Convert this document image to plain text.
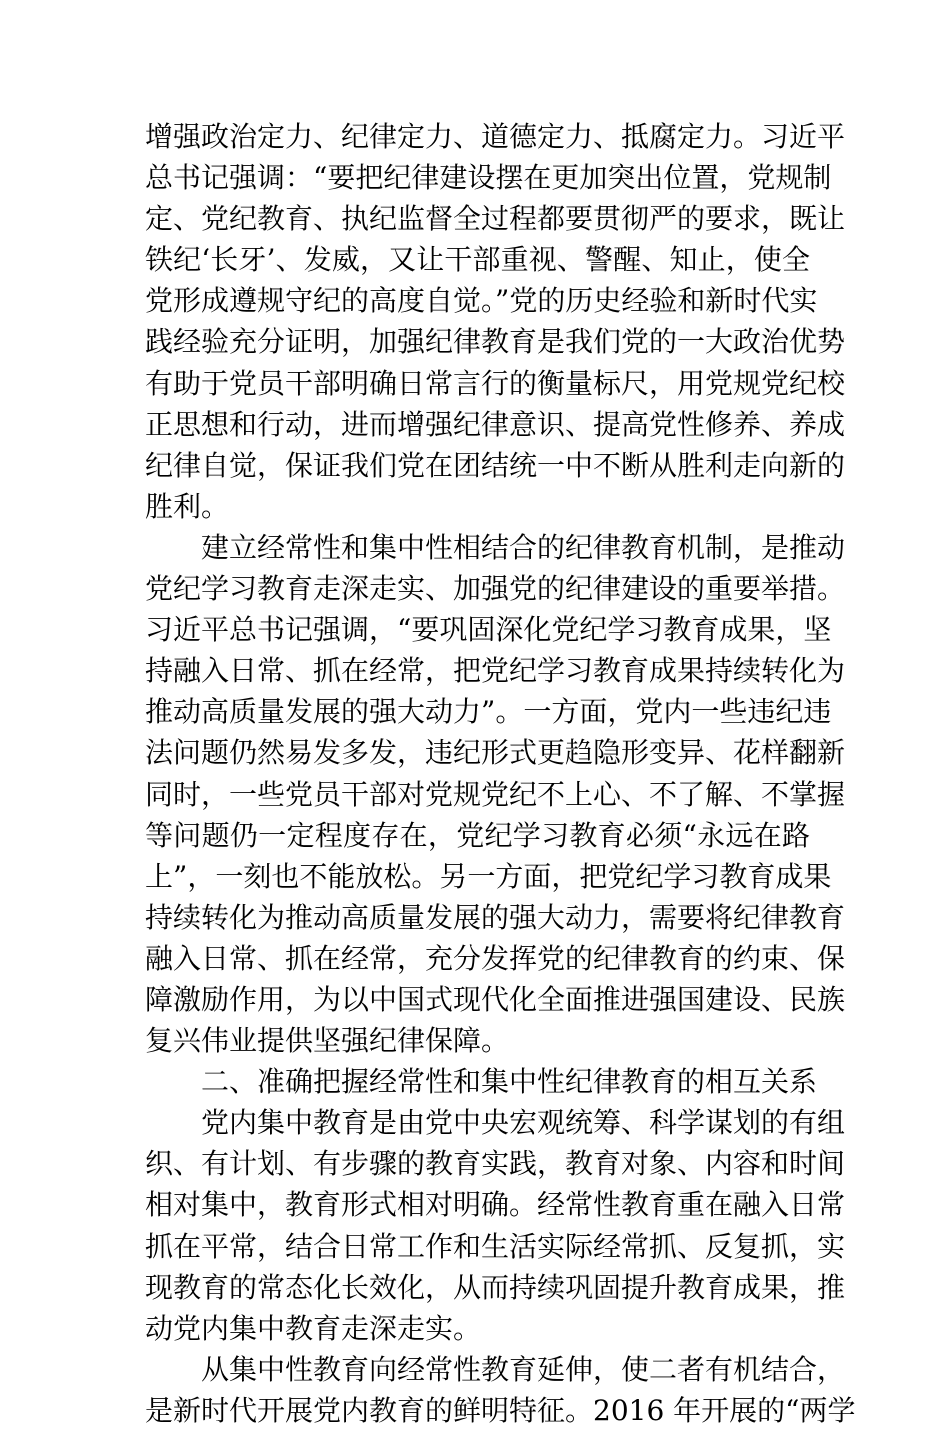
增强政治定力、纪律定力、道德定力、抵腐定力。习近平
总书记强调：“要把纪律建设摆在更加突出位置，党规制
定、党纪教育、执纪监督全过程都要贯彻严的要求，既让
铁纪‘长牙’、发威，又让干部重视、警醒、知止，使全
党形成遵规守纪的高度自觉。”党的历史经验和新时代实
践经验充分证明，加强纪律教育是我们党的一大政治优势
有助于党员干部明确日常言行的衡量标尺，用党规党纪校
正思想和行动，进而增强纪律意识、提高党性修养、养成
纪律自觉，保证我们党在团结统一中不断从胜利走向新的
胜利。
建立经常性和集中性相结合的纪律教育机制，是推动
党纪学习教育走深走实、加强党的纪律建设的重要举措。
习近平总书记强调，“要巩固深化党纪学习教育成果，坚
持融入日常、抓在经常，把党纪学习教育成果持续转化为
推动高质量发展的强大动力”。一方面，党内一些违纪违
法问题仍然易发多发，违纪形式更趋隐形变异、花样翻新
同时，一些党员干部对党规党纪不上心、不了解、不掌握
等问题仍一定程度存在，党纪学习教育必须“永远在路
上”，一刻也不能放松。另一方面，把党纪学习教育成果
持续转化为推动高质量发展的强大动力，需要将纪律教育
融入日常、抓在经常，充分发挥党的纪律教育的约束、保
障激励作用，为以中国式现代化全面推进强国建设、民族
复兴伟业提供坚强纪律保障。
二、准确把握经常性和集中性纪律教育的相互关系
党内集中教育是由党中央宏观统筹、科学谋划的有组
织、有计划、有步骤的教育实践，教育对象、内容和时间
相对集中，教育形式相对明确。经常性教育重在融入日常
抓在平常，结合日常工作和生活实际经常抓、反复抓，实
现教育的常态化长效化，从而持续巩固提升教育成果，推
动党内集中教育走深走实。
从集中性教育向经常性教育延伸，使二者有机结合，
是新时代开展党内教育的鲜明特征。2016 年开展的“两学
